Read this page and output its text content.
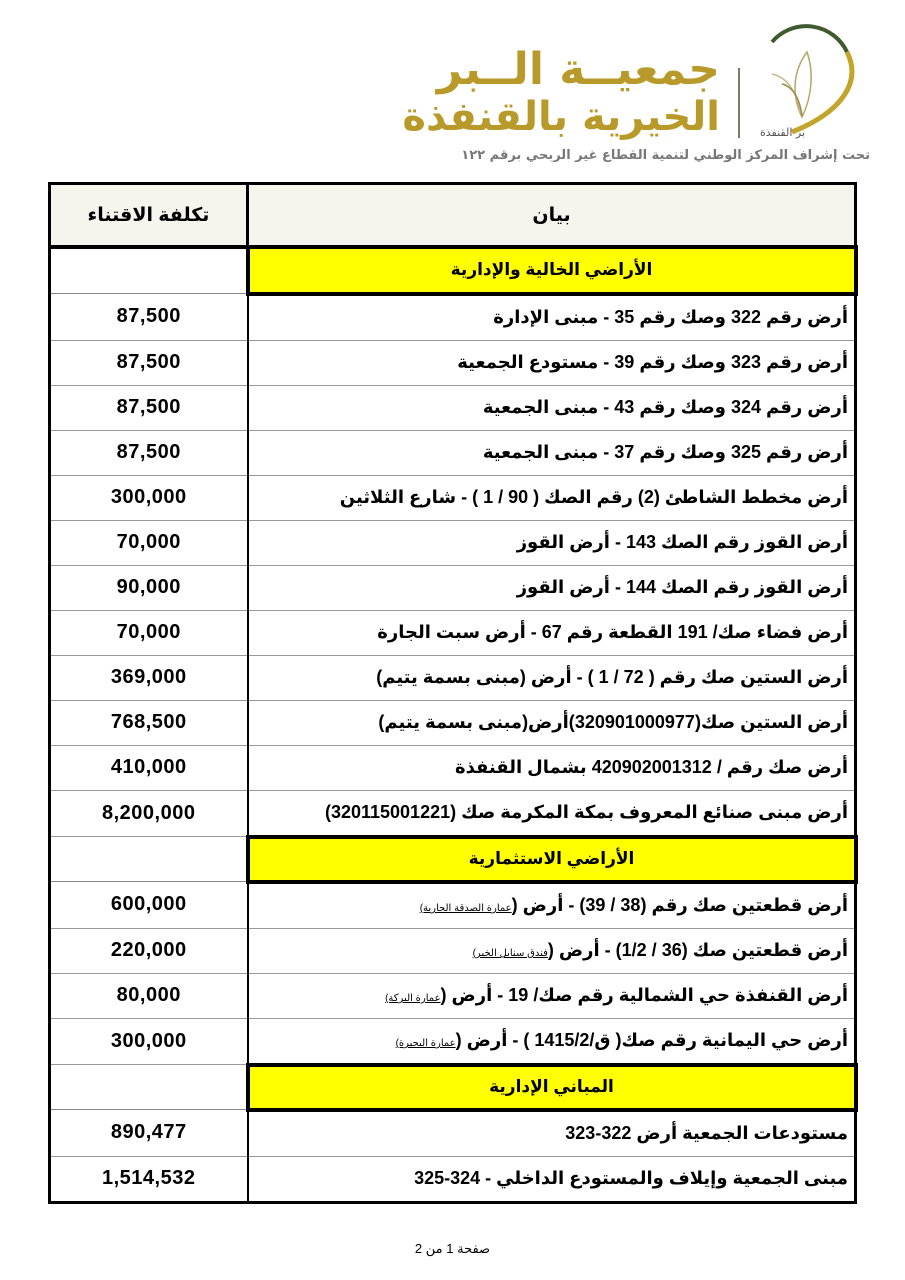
جمعيــة الــبر
الخيرية بالقنفذة	بر القنفذة
تحت إشراف المركز الوطني لتنمية القطاع غير الربحي برقم ١٢٢
بيان	تكلفة الاقتناء
الأراضي الخالية والإدارية	
أرض رقم 322 وصك رقم 35 - مبنى الإدارة	87,500
أرض رقم 323 وصك رقم 39 - مستودع الجمعية	87,500
أرض رقم 324 وصك رقم 43 - مبنى الجمعية	87,500
أرض رقم 325 وصك رقم 37 - مبنى الجمعية	87,500
أرض مخطط الشاطئ (2) رقم الصك ( 90 / 1 ) - شارع الثلاثين	300,000
أرض القوز رقم الصك 143 - أرض القوز	70,000
أرض القوز رقم الصك 144 - أرض القوز	90,000
أرض فضاء صك/ 191 القطعة رقم 67 - أرض سبت الجارة	70,000
أرض الستين صك رقم ( 72 / 1 ) - أرض (مبنى بسمة يتيم)	369,000
أرض الستين صك(320901000977)أرض(مبنى بسمة يتيم)	768,500
أرض صك رقم / 420902001312 بشمال القنفذة	410,000
أرض مبنى صنائع المعروف بمكة المكرمة صك (320115001221)	8,200,000
الأراضي الاستثمارية	
أرض قطعتين صك رقم (38 / 39) - أرض (عمارة الصدقة الجارية)	600,000
أرض قطعتين صك (36 / 1/2) - أرض (فندق سنابل الخير)	220,000
أرض القنفذة حي الشمالية رقم صك/ 19 - أرض (عمارة البركة)	80,000
أرض حي اليمانية رقم صك( ق/1415/2 ) - أرض (عمارة البحيرة)	300,000
المباني الإدارية	
مستودعات الجمعية أرض 322-323	890,477
مبنى الجمعية وإيلاف والمستودع الداخلي - 324-325	1,514,532
صفحة 1 من 2
